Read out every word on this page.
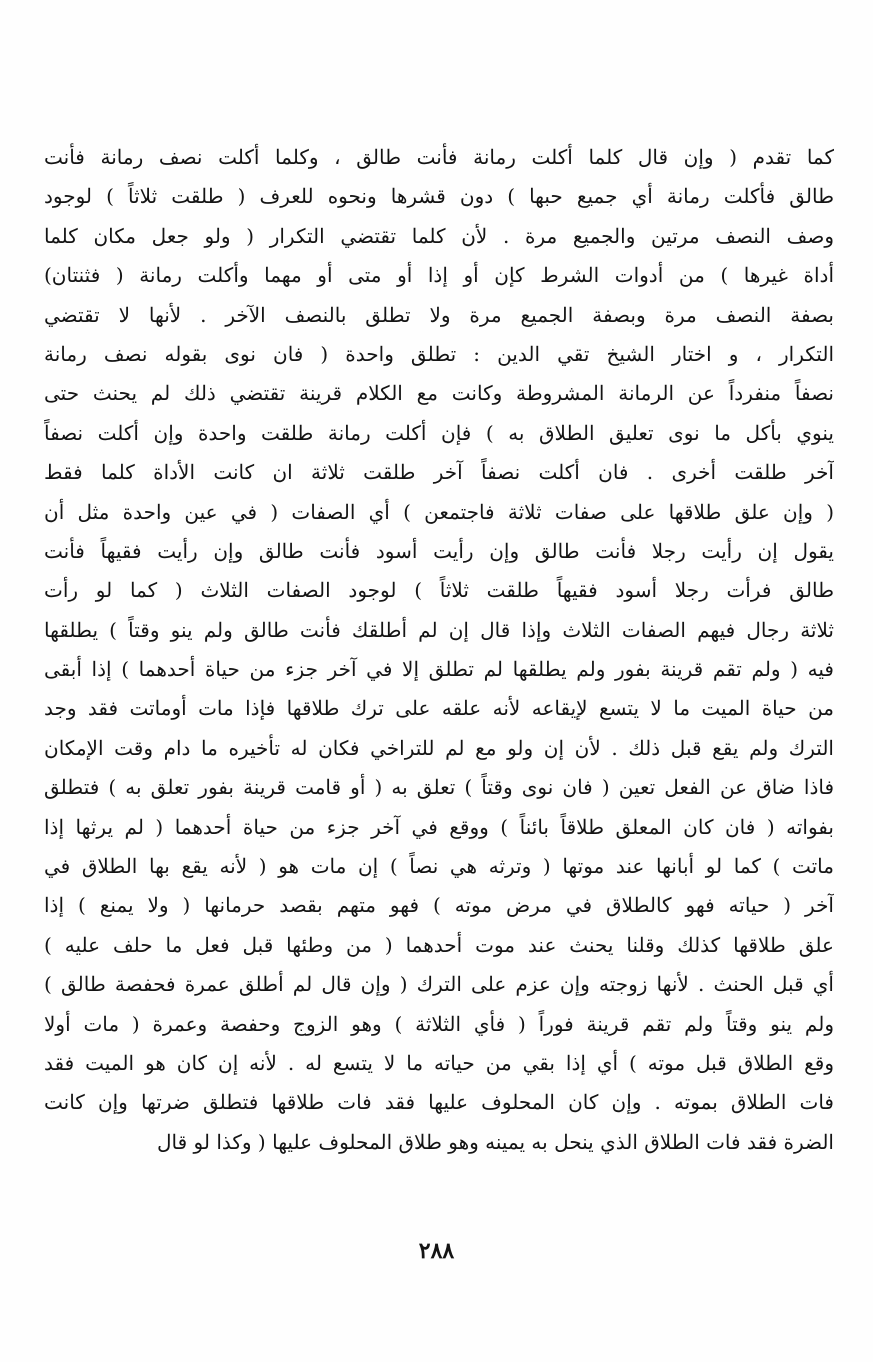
كما تقدم ( وإن قال كلما أكلت رمانة فأنت طالق ، وكلما أكلت نصف رمانة فأنت
طالق فأكلت رمانة أي جميع حبها ) دون قشرها ونحوه للعرف ( طلقت ثلاثاً ) لوجود
وصف النصف مرتين والجميع مرة . لأن كلما تقتضي التكرار ( ولو جعل مكان كلما
أداة غيرها ) من أدوات الشرط كإن أو إذا أو متى أو مهما وأكلت رمانة ( فثنتان)
بصفة النصف مرة وبصفة الجميع مرة ولا تطلق بالنصف الآخر . لأنها لا تقتضي
التكرار ، و اختار الشيخ تقي الدين : تطلق واحدة ( فان نوى بقوله نصف رمانة
نصفاً منفرداً عن الرمانة المشروطة وكانت مع الكلام قرينة تقتضي ذلك لم يحنث حتى
ينوي بأكل ما نوى تعليق الطلاق به ) فإن أكلت رمانة طلقت واحدة وإن أكلت نصفاً
آخر طلقت أخرى . فان أكلت نصفاً آخر طلقت ثلاثة ان كانت الأداة كلما فقط
( وإن علق طلاقها على صفات ثلاثة فاجتمعن ) أي الصفات ( في عين واحدة مثل أن
يقول إن رأيت رجلا فأنت طالق وإن رأيت أسود فأنت طالق وإن رأيت فقيهاً فأنت
طالق فرأت رجلا أسود فقيهاً طلقت ثلاثاً ) لوجود الصفات الثلاث ( كما لو رأت
ثلاثة رجال فيهم الصفات الثلاث وإذا قال إن لم أطلقك فأنت طالق ولم ينو وقتاً ) يطلقها
فيه ( ولم تقم قرينة بفور ولم يطلقها لم تطلق إلا في آخر جزء من حياة أحدهما ) إذا أبقى
من حياة الميت ما لا يتسع لإيقاعه لأنه علقه على ترك طلاقها فإذا مات أوماتت فقد وجد
الترك ولم يقع قبل ذلك . لأن إن ولو مع لم للتراخي فكان له تأخيره ما دام وقت الإمكان
فاذا ضاق عن الفعل تعين ( فان نوى وقتاً ) تعلق به ( أو قامت قرينة بفور تعلق به ) فتطلق
بفواته ( فان كان المعلق طلاقاً بائناً ) ووقع في آخر جزء من حياة أحدهما ( لم يرثها إذا
ماتت ) كما لو أبانها عند موتها ( وترثه هي نصاً ) إن مات هو ( لأنه يقع بها الطلاق في
آخر ( حياته فهو كالطلاق في مرض موته ) فهو متهم بقصد حرمانها ( ولا يمنع ) إذا
علق طلاقها كذلك وقلنا يحنث عند موت أحدهما ( من وطئها قبل فعل ما حلف عليه )
أي قبل الحنث . لأنها زوجته وإن عزم على الترك ( وإن قال لم أطلق عمرة فحفصة طالق )
ولم ينو وقتاً ولم تقم قرينة فوراً ( فأي الثلاثة ) وهو الزوج وحفصة وعمرة ( مات أولا
وقع الطلاق قبل موته ) أي إذا بقي من حياته ما لا يتسع له . لأنه إن كان هو الميت فقد
فات الطلاق بموته . وإن كان المحلوف عليها فقد فات طلاقها فتطلق ضرتها وإن كانت
الضرة فقد فات الطلاق الذي ينحل به يمينه وهو طلاق المحلوف عليها ( وكذا لو قال
٢٨٨
